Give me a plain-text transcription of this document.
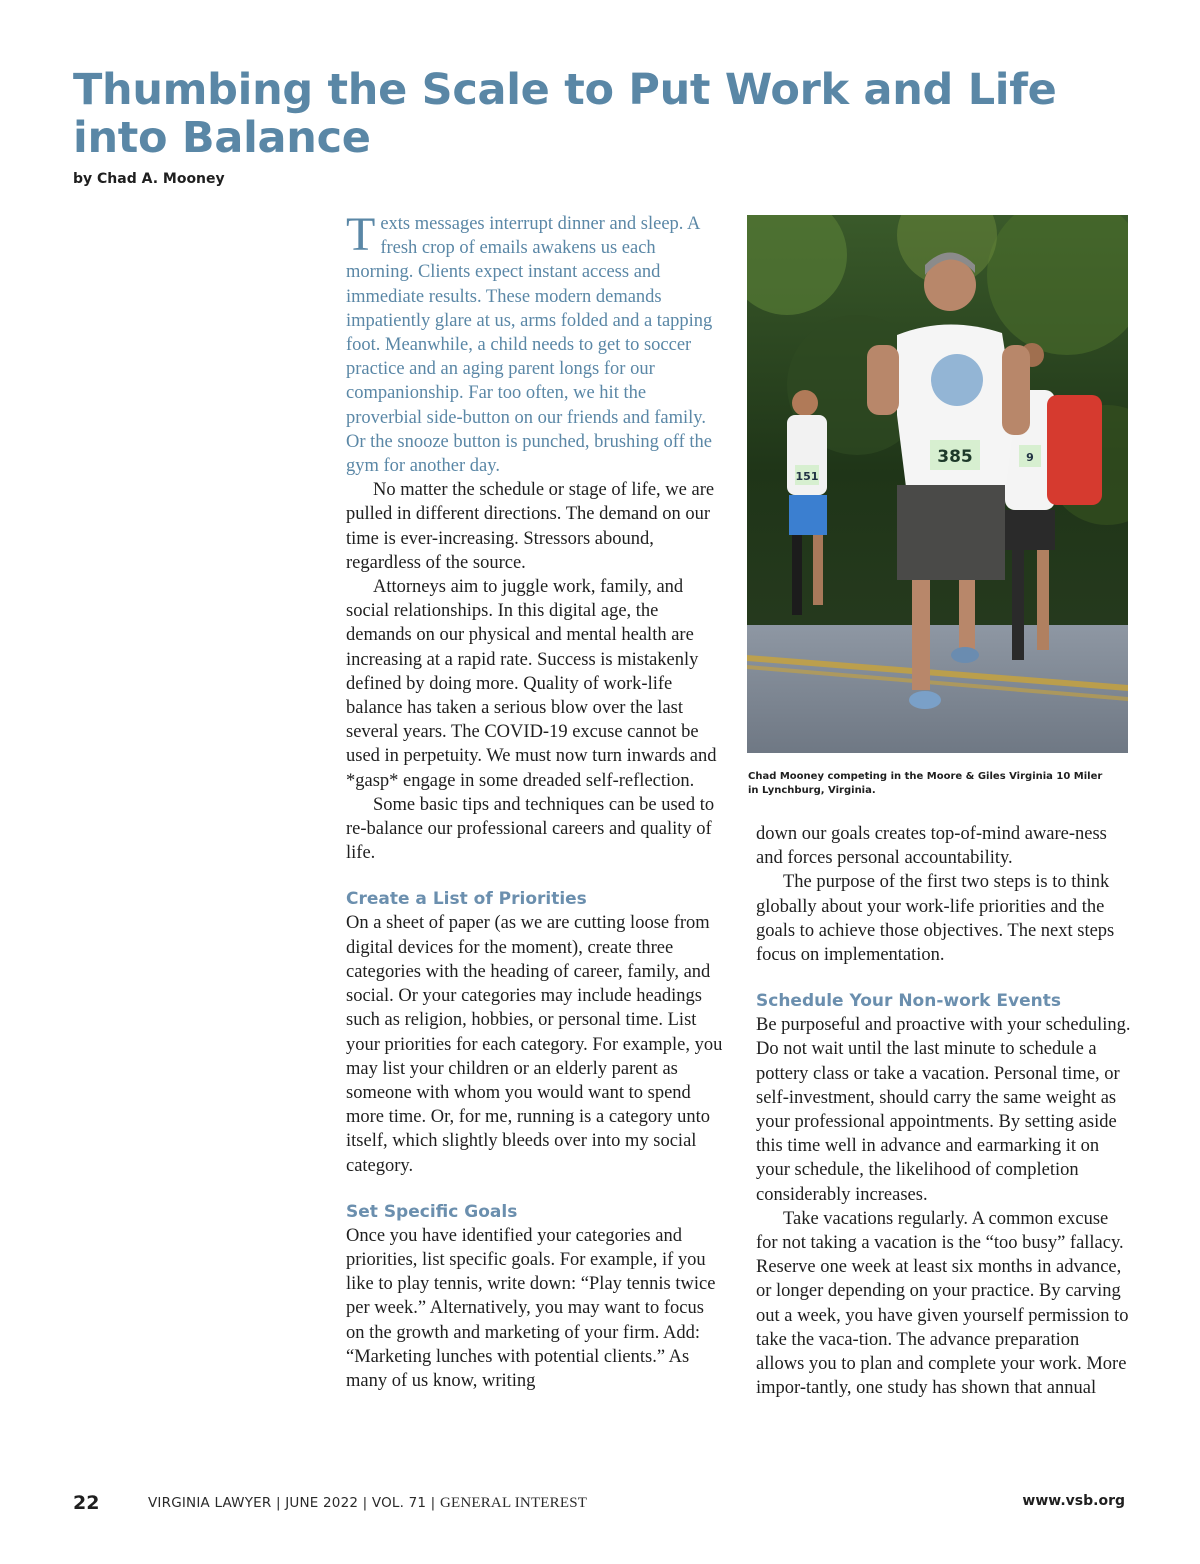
Thumbing the Scale to Put Work and Life into Balance

by Chad A. Mooney

Texts messages interrupt dinner and sleep. A fresh crop of emails awakens us each morning. Clients expect instant access and immediate results. These modern demands impatiently glare at us, arms folded and a tapping foot. Meanwhile, a child needs to get to soccer practice and an aging parent longs for our companionship. Far too often, we hit the proverbial side-button on our friends and family. Or the snooze button is punched, brushing off the gym for another day.

No matter the schedule or stage of life, we are pulled in different directions. The demand on our time is ever-increasing. Stressors abound, regardless of the source.

Attorneys aim to juggle work, family, and social relationships. In this digital age, the demands on our physical and mental health are increasing at a rapid rate. Success is mistakenly defined by doing more. Quality of work-life balance has taken a serious blow over the last several years. The COVID-19 excuse cannot be used in perpetuity. We must now turn inwards and *gasp* engage in some dreaded self-reflection.

Some basic tips and techniques can be used to re-balance our professional careers and quality of life.

Create a List of Priorities

On a sheet of paper (as we are cutting loose from digital devices for the moment), create three categories with the heading of career, family, and social. Or your categories may include headings such as religion, hobbies, or personal time. List your priorities for each category. For example, you may list your children or an elderly parent as someone with whom you would want to spend more time. Or, for me, running is a category unto itself, which slightly bleeds over into my social category.

Set Specific Goals

Once you have identified your categories and priorities, list specific goals. For example, if you like to play tennis, write down: “Play tennis twice per week.” Alternatively, you may want to focus on the growth and marketing of your firm. Add: “Marketing lunches with potential clients.” As many of us know, writing

151
9
385

Chad Mooney competing in the Moore & Giles Virginia 10 Miler in Lynchburg, Virginia.

down our goals creates top-of-mind aware-ness and forces personal accountability.

The purpose of the first two steps is to think globally about your work-life priorities and the goals to achieve those objectives. The next steps focus on implementation.

Schedule Your Non-work Events

Be purposeful and proactive with your scheduling. Do not wait until the last minute to schedule a pottery class or take a vacation. Personal time, or self-investment, should carry the same weight as your professional appointments. By setting aside this time well in advance and earmarking it on your schedule, the likelihood of completion considerably increases.

Take vacations regularly. A common excuse for not taking a vacation is the “too busy” fallacy. Reserve one week at least six months in advance, or longer depending on your practice. By carving out a week, you have given yourself permission to take the vaca-tion. The advance preparation allows you to plan and complete your work. More impor-tantly, one study has shown that annual

22	VIRGINIA LAWYER | JUNE 2022 | VOL. 71 | GENERAL INTEREST	www.vsb.org
